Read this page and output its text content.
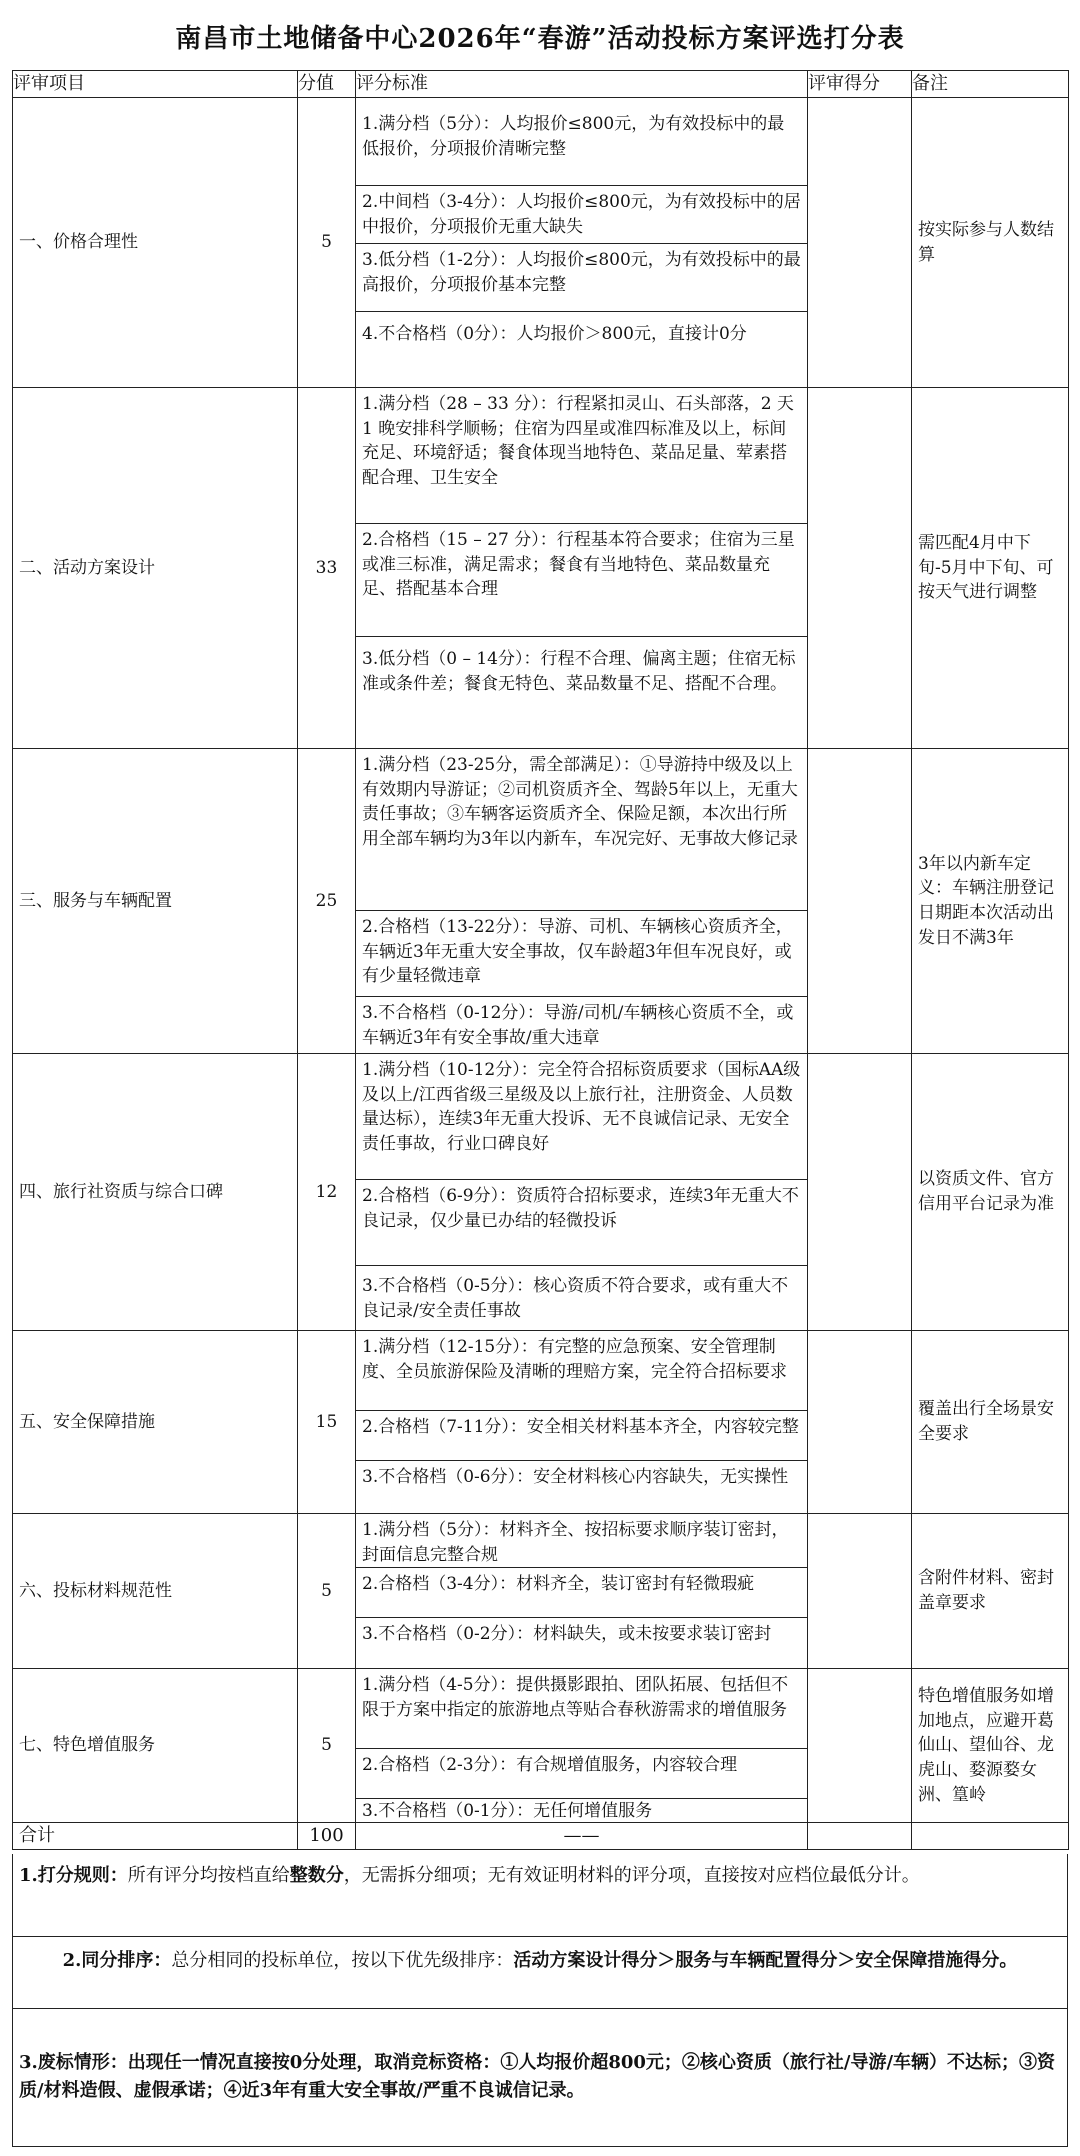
南昌市土地储备中心2026年“春游”活动投标方案评选打分表
评审项目	分值	评分标准	评审得分	备注
一、价格合理性	5	1.满分档（5分）：人均报价≤800元，为有效投标中的最低报价，分项报价清晰完整
2.中间档（3-4分）：人均报价≤800元，为有效投标中的居中报价，分项报价无重大缺失
3.低分档（1-2分）：人均报价≤800元，为有效投标中的最高报价，分项报价基本完整
4.不合格档（0分）：人均报价＞800元，直接计0分		按实际参与人数结算
二、活动方案设计	33	1.满分档（28 – 33 分）：行程紧扣灵山、石头部落，2 天 1 晚安排科学顺畅；住宿为四星或准四标准及以上，标间充足、环境舒适；餐食体现当地特色、菜品足量、荤素搭配合理、卫生安全
2.合格档（15 – 27 分）：行程基本符合要求；住宿为三星或准三标准，满足需求；餐食有当地特色、菜品数量充足、搭配基本合理
3.低分档（0 – 14分）：行程不合理、偏离主题；住宿无标准或条件差；餐食无特色、菜品数量不足、搭配不合理。		需匹配4月中下旬-5月中下旬、可按天气进行调整
三、服务与车辆配置	25	1.满分档（23-25分，需全部满足）：①导游持中级及以上有效期内导游证；②司机资质齐全、驾龄5年以上，无重大责任事故；③车辆客运资质齐全、保险足额，本次出行所用全部车辆均为3年以内新车，车况完好、无事故大修记录
2.合格档（13-22分）：导游、司机、车辆核心资质齐全，车辆近3年无重大安全事故，仅车龄超3年但车况良好，或有少量轻微违章
3.不合格档（0-12分）：导游/司机/车辆核心资质不全，或车辆近3年有安全事故/重大违章		3年以内新车定义：车辆注册登记日期距本次活动出发日不满3年
四、旅行社资质与综合口碑	12	1.满分档（10-12分）：完全符合招标资质要求（国标AA级及以上/江西省级三星级及以上旅行社，注册资金、人员数量达标），连续3年无重大投诉、无不良诚信记录、无安全责任事故，行业口碑良好
2.合格档（6-9分）：资质符合招标要求，连续3年无重大不良记录，仅少量已办结的轻微投诉
3.不合格档（0-5分）：核心资质不符合要求，或有重大不良记录/安全责任事故		以资质文件、官方信用平台记录为准
五、安全保障措施	15	1.满分档（12-15分）：有完整的应急预案、安全管理制度、全员旅游保险及清晰的理赔方案，完全符合招标要求
2.合格档（7-11分）：安全相关材料基本齐全，内容较完整
3.不合格档（0-6分）：安全材料核心内容缺失，无实操性		覆盖出行全场景安全要求
六、投标材料规范性	5	1.满分档（5分）：材料齐全、按招标要求顺序装订密封，封面信息完整合规
2.合格档（3-4分）：材料齐全，装订密封有轻微瑕疵
3.不合格档（0-2分）：材料缺失，或未按要求装订密封		含附件材料、密封盖章要求
七、特色增值服务	5	1.满分档（4-5分）：提供摄影跟拍、团队拓展、包括但不限于方案中指定的旅游地点等贴合春秋游需求的增值服务
2.合格档（2-3分）：有合规增值服务，内容较合理
3.不合格档（0-1分）：无任何增值服务		特色增值服务如增加地点，应避开葛仙山、望仙谷、龙虎山、婺源婺女洲、篁岭
合计	100	——		
1.打分规则：所有评分均按档直给整数分，无需拆分细项；无有效证明材料的评分项，直接按对应档位最低分计。
2.同分排序：总分相同的投标单位，按以下优先级排序：活动方案设计得分＞服务与车辆配置得分＞安全保障措施得分。
3.废标情形：出现任一情况直接按0分处理，取消竞标资格：①人均报价超800元；②核心资质（旅行社/导游/车辆）不达标；③资质/材料造假、虚假承诺；④近3年有重大安全事故/严重不良诚信记录。
